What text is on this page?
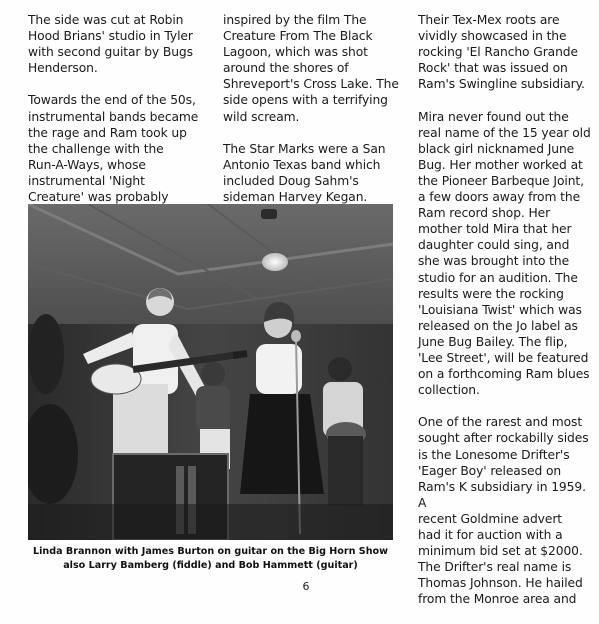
The side was cut at Robin
Hood Brians' studio in Tyler
with second guitar by Bugs
Henderson.

Towards the end of the 50s,
instrumental bands became
the rage and Ram took up
the challenge with the
Run-A-Ways, whose
instrumental 'Night
Creature' was probably

inspired by the film The
Creature From The Black
Lagoon, which was shot
around the shores of
Shreveport's Cross Lake. The
side opens with a terrifying
wild scream.

The Star Marks were a San
Antonio Texas band which
included Doug Sahm's
sideman Harvey Kegan.

Their Tex-Mex roots are
vividly showcased in the
rocking 'El Rancho Grande
Rock' that was issued on
Ram's Swingline subsidiary.

Mira never found out the
real name of the 15 year old
black girl nicknamed June
Bug. Her mother worked at
the Pioneer Barbeque Joint,
a few doors away from the
Ram record shop. Her
mother told Mira that her
daughter could sing, and
she was brought into the
studio for an audition. The
results were the rocking
'Louisiana Twist' which was
released on the Jo label as
June Bug Bailey. The flip,
'Lee Street', will be featured
on a forthcoming Ram blues
collection.

One of the rarest and most
sought after rockabilly sides
is the Lonesome Drifter's
'Eager Boy' released on
Ram's K subsidiary in 1959. A
recent Goldmine advert
had it for auction with a
minimum bid set at $2000.
The Drifter's real name is
Thomas Johnson. He hailed
from the Monroe area and

Linda Brannon with James Burton on guitar on the Big Horn Show
also Larry Bamberg (fiddle) and Bob Hammett (guitar)
6
